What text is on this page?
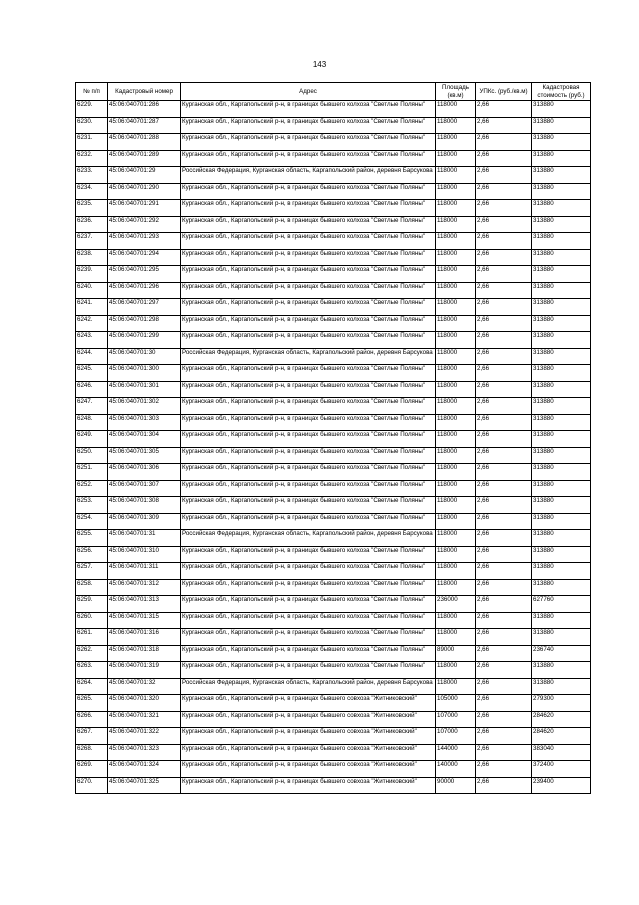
143
№ п/п	Кадастровый номер	Адрес	Площадь (кв.м)	УПКс. (руб./кв.м)	Кадастровая стоимость (руб.)
6229.	45:06:040701:286	Курганская обл., Каргапольский р-н, в границах бывшего колхоза "Светлые Поляны"	118000	2,66	313880
6230.	45:06:040701:287	Курганская обл., Каргапольский р-н, в границах бывшего колхоза "Светлые Поляны"	118000	2,66	313880
6231.	45:06:040701:288	Курганская обл., Каргапольский р-н, в границах бывшего колхоза "Светлые Поляны"	118000	2,66	313880
6232.	45:06:040701:289	Курганская обл., Каргапольский р-н, в границах бывшего колхоза "Светлые Поляны"	118000	2,66	313880
6233.	45:06:040701:29	Российская Федерация, Курганская область, Каргапольский район, деревня Барсукова	118000	2,66	313880
6234.	45:06:040701:290	Курганская обл., Каргапольский р-н, в границах бывшего колхоза "Светлые Поляны"	118000	2,66	313880
6235.	45:06:040701:291	Курганская обл., Каргапольский р-н, в границах бывшего колхоза "Светлые Поляны"	118000	2,66	313880
6236.	45:06:040701:292	Курганская обл., Каргапольский р-н, в границах бывшего колхоза "Светлые Поляны"	118000	2,66	313880
6237.	45:06:040701:293	Курганская обл., Каргапольский р-н, в границах бывшего колхоза "Светлые Поляны"	118000	2,66	313880
6238.	45:06:040701:294	Курганская обл., Каргапольский р-н, в границах бывшего колхоза "Светлые Поляны"	118000	2,66	313880
6239.	45:06:040701:295	Курганская обл., Каргапольский р-н, в границах бывшего колхоза "Светлые Поляны"	118000	2,66	313880
6240.	45:06:040701:296	Курганская обл., Каргапольский р-н, в границах бывшего колхоза "Светлые Поляны"	118000	2,66	313880
6241.	45:06:040701:297	Курганская обл., Каргапольский р-н, в границах бывшего колхоза "Светлые Поляны"	118000	2,66	313880
6242.	45:06:040701:298	Курганская обл., Каргапольский р-н, в границах бывшего колхоза "Светлые Поляны"	118000	2,66	313880
6243.	45:06:040701:299	Курганская обл., Каргапольский р-н, в границах бывшего колхоза "Светлые Поляны"	118000	2,66	313880
6244.	45:06:040701:30	Российская Федерация, Курганская область, Каргапольский район, деревня Барсукова	118000	2,66	313880
6245.	45:06:040701:300	Курганская обл., Каргапольский р-н, в границах бывшего колхоза "Светлые Поляны"	118000	2,66	313880
6246.	45:06:040701:301	Курганская обл., Каргапольский р-н, в границах бывшего колхоза "Светлые Поляны"	118000	2,66	313880
6247.	45:06:040701:302	Курганская обл., Каргапольский р-н, в границах бывшего колхоза "Светлые Поляны"	118000	2,66	313880
6248.	45:06:040701:303	Курганская обл., Каргапольский р-н, в границах бывшего колхоза "Светлые Поляны"	118000	2,66	313880
6249.	45:06:040701:304	Курганская обл., Каргапольский р-н, в границах бывшего колхоза "Светлые Поляны"	118000	2,66	313880
6250.	45:06:040701:305	Курганская обл., Каргапольский р-н, в границах бывшего колхоза "Светлые Поляны"	118000	2,66	313880
6251.	45:06:040701:306	Курганская обл., Каргапольский р-н, в границах бывшего колхоза "Светлые Поляны"	118000	2,66	313880
6252.	45:06:040701:307	Курганская обл., Каргапольский р-н, в границах бывшего колхоза "Светлые Поляны"	118000	2,66	313880
6253.	45:06:040701:308	Курганская обл., Каргапольский р-н, в границах бывшего колхоза "Светлые Поляны"	118000	2,66	313880
6254.	45:06:040701:309	Курганская обл., Каргапольский р-н, в границах бывшего колхоза "Светлые Поляны"	118000	2,66	313880
6255.	45:06:040701:31	Российская Федерация, Курганская область, Каргапольский район, деревня Барсукова	118000	2,66	313880
6256.	45:06:040701:310	Курганская обл., Каргапольский р-н, в границах бывшего колхоза "Светлые Поляны"	118000	2,66	313880
6257.	45:06:040701:311	Курганская обл., Каргапольский р-н, в границах бывшего колхоза "Светлые Поляны"	118000	2,66	313880
6258.	45:06:040701:312	Курганская обл., Каргапольский р-н, в границах бывшего колхоза "Светлые Поляны"	118000	2,66	313880
6259.	45:06:040701:313	Курганская обл., Каргапольский р-н, в границах бывшего колхоза "Светлые Поляны"	236000	2,66	627760
6260.	45:06:040701:315	Курганская обл., Каргапольский р-н, в границах бывшего колхоза "Светлые Поляны"	118000	2,66	313880
6261.	45:06:040701:316	Курганская обл., Каргапольский р-н, в границах бывшего колхоза "Светлые Поляны"	118000	2,66	313880
6262.	45:06:040701:318	Курганская обл., Каргапольский р-н, в границах бывшего колхоза "Светлые Поляны"	89000	2,66	236740
6263.	45:06:040701:319	Курганская обл., Каргапольский р-н, в границах бывшего колхоза "Светлые Поляны"	118000	2,66	313880
6264.	45:06:040701:32	Российская Федерация, Курганская область, Каргапольский район, деревня Барсукова	118000	2,66	313880
6265.	45:06:040701:320	Курганская обл., Каргапольский р-н, в границах бывшего совхоза "Житниковский"	105000	2,66	279300
6266.	45:06:040701:321	Курганская обл., Каргапольский р-н, в границах бывшего совхоза "Житниковский"	107000	2,66	284620
6267.	45:06:040701:322	Курганская обл., Каргапольский р-н, в границах бывшего совхоза "Житниковский"	107000	2,66	284620
6268.	45:06:040701:323	Курганская обл., Каргапольский р-н, в границах бывшего совхоза "Житниковский"	144000	2,66	383040
6269.	45:06:040701:324	Курганская обл., Каргапольский р-н, в границах бывшего совхоза "Житниковский"	140000	2,66	372400
6270.	45:06:040701:325	Курганская обл., Каргапольский р-н, в границах бывшего совхоза "Житниковский"	90000	2,66	239400
